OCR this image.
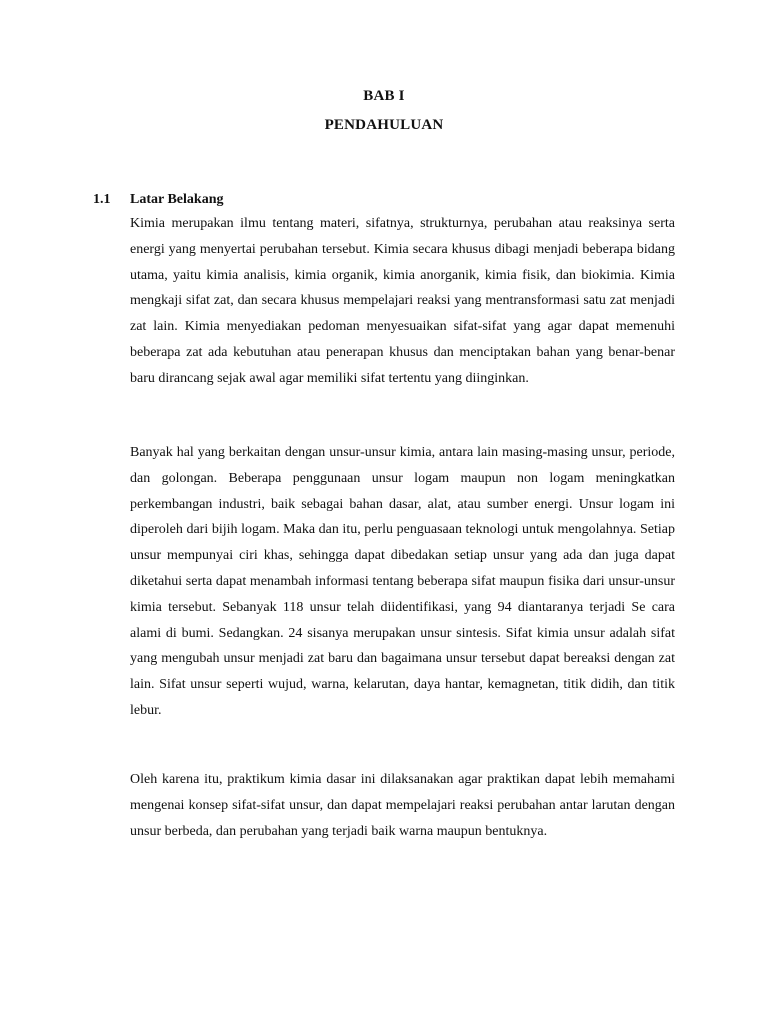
BAB I
PENDAHULUAN
1.1 Latar Belakang

Kimia merupakan ilmu tentang materi, sifatnya, strukturnya, perubahan atau reaksinya serta energi yang menyertai perubahan tersebut. Kimia secara khusus dibagi menjadi beberapa bidang utama, yaitu kimia analisis, kimia organik, kimia anorganik, kimia fisik, dan biokimia. Kimia mengkaji sifat zat, dan secara khusus mempelajari reaksi yang mentransformasi satu zat menjadi zat lain. Kimia menyediakan pedoman menyesuaikan sifat-sifat yang agar dapat memenuhi beberapa zat ada kebutuhan atau penerapan khusus dan menciptakan bahan yang benar-benar baru dirancang sejak awal agar memiliki sifat tertentu yang diinginkan.

Banyak hal yang berkaitan dengan unsur-unsur kimia, antara lain masing-masing unsur, periode, dan golongan. Beberapa penggunaan unsur logam maupun non logam meningkatkan perkembangan industri, baik sebagai bahan dasar, alat, atau sumber energi. Unsur logam ini diperoleh dari bijih logam. Maka dan itu, perlu penguasaan teknologi untuk mengolahnya. Setiap unsur mempunyai ciri khas, sehingga dapat dibedakan setiap unsur yang ada dan juga dapat diketahui serta dapat menambah informasi tentang beberapa sifat maupun fisika dari unsur-unsur kimia tersebut. Sebanyak 118 unsur telah diidentifikasi, yang 94 diantaranya terjadi Se cara alami di bumi. Sedangkan. 24 sisanya merupakan unsur sintesis. Sifat kimia unsur adalah sifat yang mengubah unsur menjadi zat baru dan bagaimana unsur tersebut dapat bereaksi dengan zat lain. Sifat unsur seperti wujud, warna, kelarutan, daya hantar, kemagnetan, titik didih, dan titik lebur.

Oleh karena itu, praktikum kimia dasar ini dilaksanakan agar praktikan dapat lebih memahami mengenai konsep sifat-sifat unsur, dan dapat mempelajari reaksi perubahan antar larutan dengan unsur berbeda, dan perubahan yang terjadi baik warna maupun bentuknya.
